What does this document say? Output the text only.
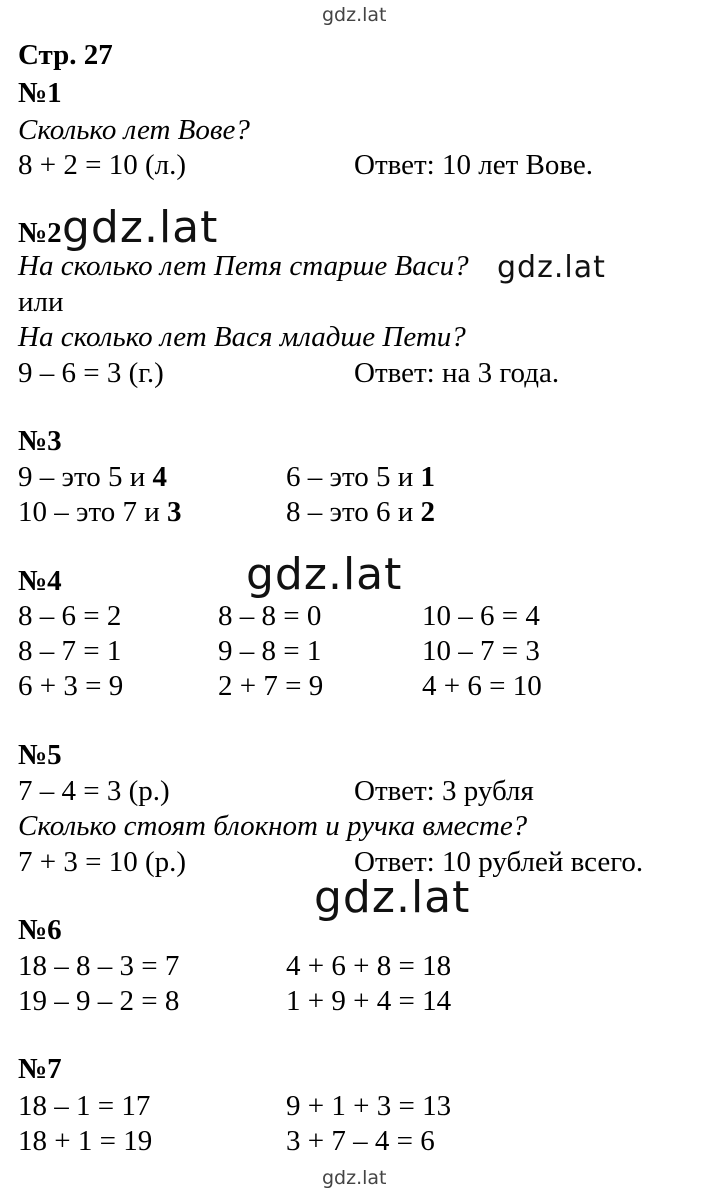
gdz.lat
gdz.lat
Стр. 27
№1
Сколько лет Вове?
8 + 2 = 10 (л.)	Ответ: 10 лет Вове.
№2 gdz.lat
На сколько лет Петя старше Васи? gdz.lat
или
На сколько лет Вася младше Пети?
9 – 6 = 3 (г.)	Ответ: на 3 года.
№3
9 – это 5 и 4	6 – это 5 и 1
10 – это 7 и 3	8 – это 6 и 2
№4	gdz.lat
8 – 6 = 2	8 – 8 = 0	10 – 6 = 4
8 – 7 = 1	9 – 8 = 1	10 – 7 = 3
6 + 3 = 9	2 + 7 = 9	4 + 6 = 10
№5
7 – 4 = 3 (р.)	Ответ: 3 рубля
Сколько стоят блокнот и ручка вместе?
7 + 3 = 10 (р.)	Ответ: 10 рублей всего.
gdz.lat
№6
18 – 8 – 3 = 7	4 + 6 + 8 = 18
19 – 9 – 2 = 8	1 + 9 + 4 = 14
№7
18 – 1 = 17	9 + 1 + 3 = 13
18 + 1 = 19	3 + 7 – 4 = 6
